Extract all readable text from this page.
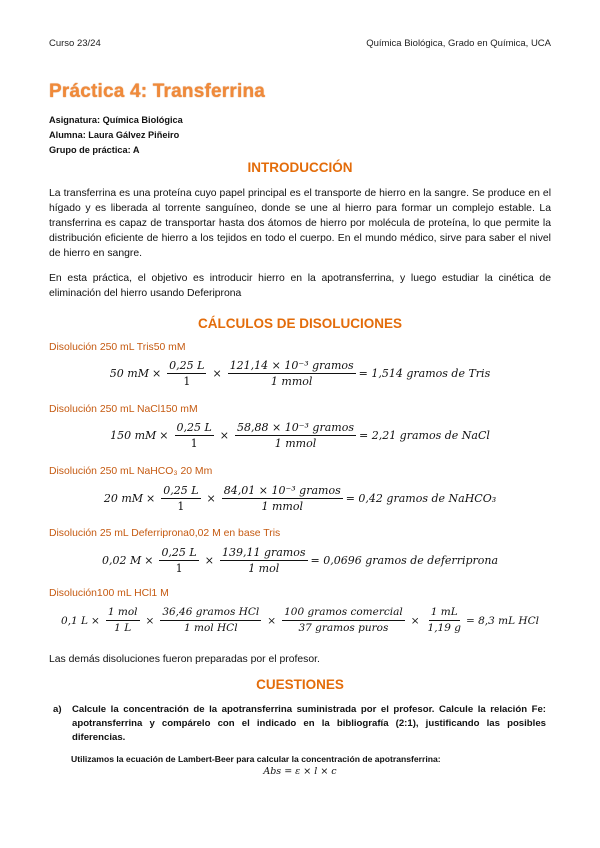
Curso 23/24	Química Biológica, Grado en Química, UCA
Práctica 4: Transferrina
Asignatura: Química Biológica
Alumna: Laura Gálvez Piñeiro
Grupo de práctica: A
INTRODUCCIÓN
La transferrina es una proteína cuyo papel principal es el transporte de hierro en la sangre. Se produce en el hígado y es liberada al torrente sanguíneo, donde se une al hierro para formar un complejo estable. La transferrina es capaz de transportar hasta dos átomos de hierro por molécula de proteína, lo que permite la distribución eficiente de hierro a los tejidos en todo el cuerpo. En el mundo médico, sirve para saber el nivel de hierro en sangre.
En esta práctica, el objetivo es introducir hierro en la apotransferrina, y luego estudiar la cinética de eliminación del hierro usando Deferiprona
CÁLCULOS DE DISOLUCIONES
Disolución 250 mL Tris50 mM
50 mM × $\frac{0,25 L}{1} \times \frac{\text{121,14 × 10⁻³ gramos}}{\text{1 mmol}} = 1,514$ gramos de Tris
Disolución 250 mL NaCl150 mM
150 mM × $\frac{0,25 L}{1} \times \frac{\text{58,88 × 10⁻³ gramos}}{\text{1 mmol}} = 2,21$ gramos de NaCl
Disolución 250 mL NaHCO₃ 20 Mm
20 mM × $\frac{0,25 L}{1} \times \frac{\text{84,01 × 10⁻³ gramos}}{\text{1 mmol}} = 0,42$ gramos de NaHCO₃
Disolución 25 mL Deferriprona0,02 M en base Tris
0,02 $M \times \frac{0,25 L}{1} \times \frac{\text{139,11 gramos}}{\text{1 mol}} = 0,0696$ gramos de deferriprona
Disolución100 mL HCl1 M
0,1 $L \times \frac{\text{1 mol}}{1 L} \times \frac{\text{36,46 gramos HCl}}{\text{1 mol HCl}} \times \frac{\text{100 gramos comercial}}{\text{37 gramos puros}} \times \frac{1 mL}{1,19 g} = 8,3$ mL HCl
Las demás disoluciones fueron preparadas por el profesor.
CUESTIONES
a) Calcule la concentración de la apotransferrina suministrada por el profesor. Calcule la relación Fe: apotransferrina y compárelo con el indicado en la bibliografía (2:1), justificando las posibles diferencias.
Utilizamos la ecuación de Lambert-Beer para calcular la concentración de apotransferrina:
Abs = ε × l × c
